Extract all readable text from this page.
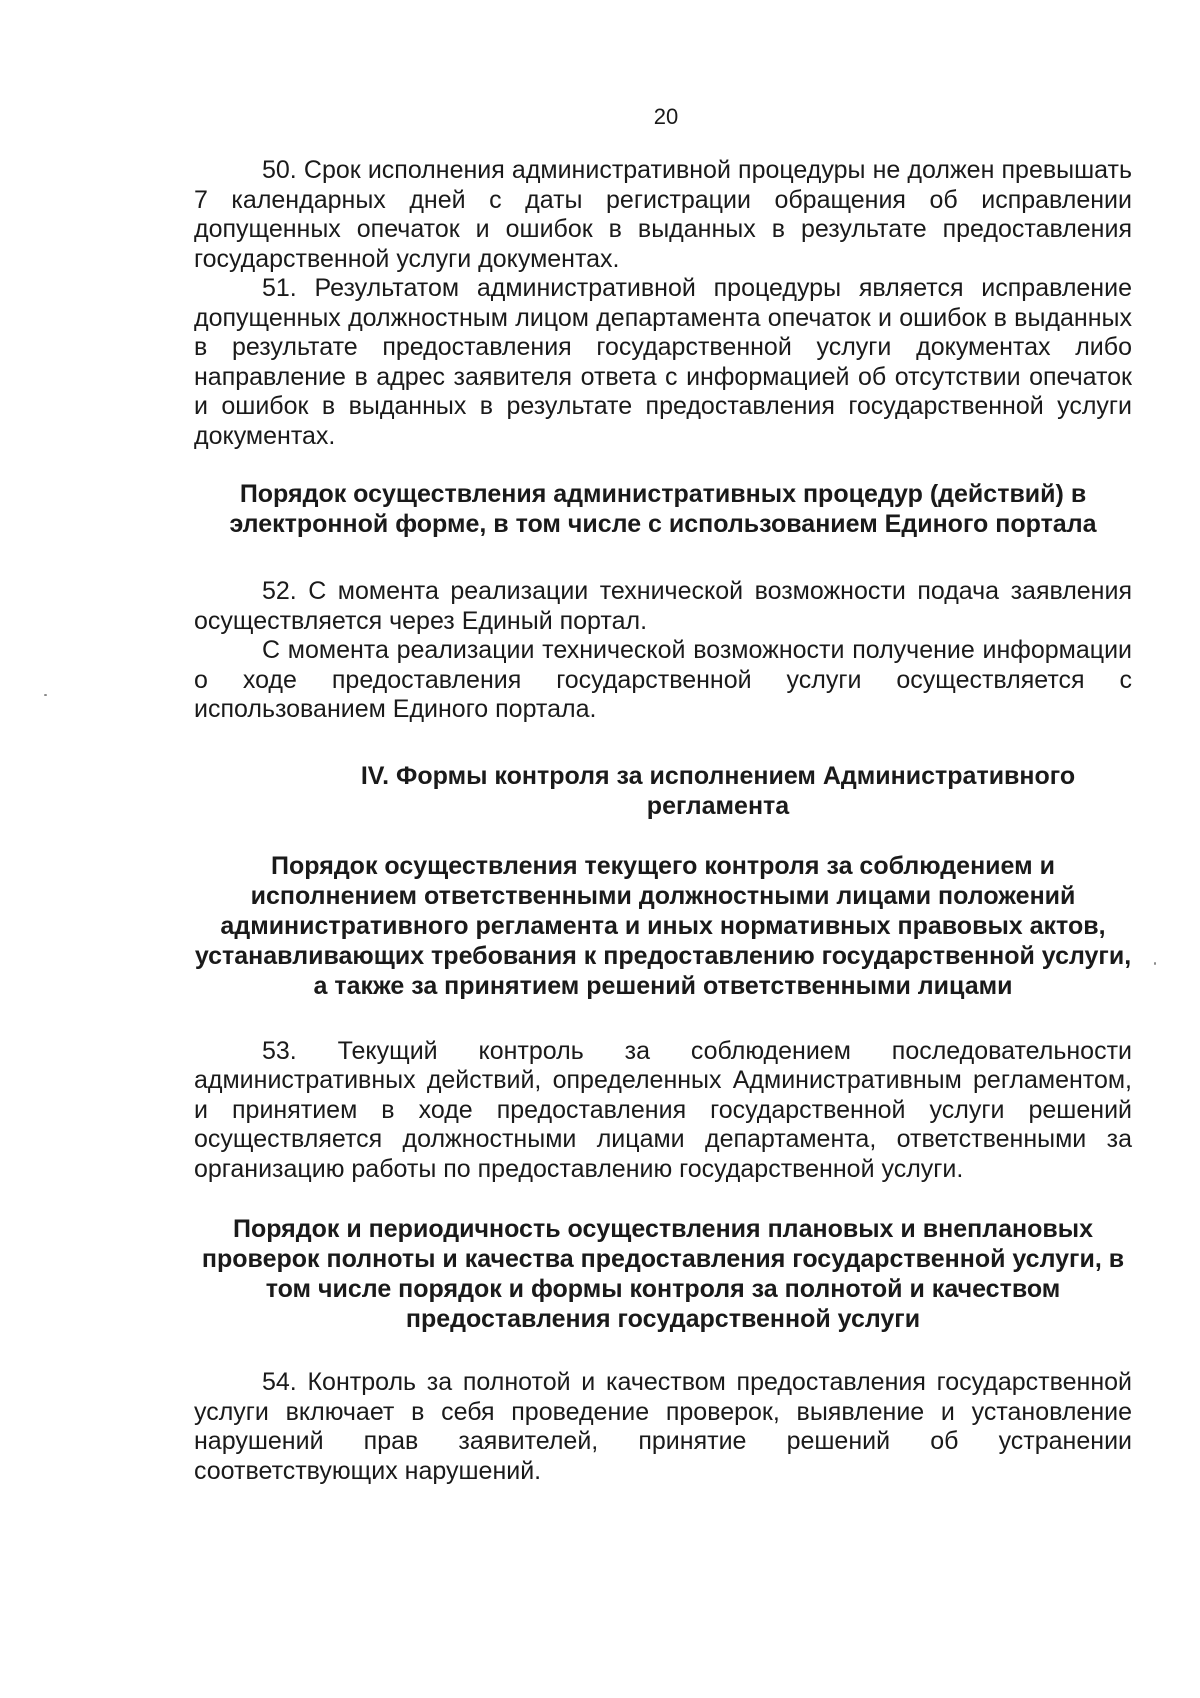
20

50. Срок исполнения административной процедуры не должен превышать 7 календарных дней с даты регистрации обращения об исправлении допущенных опечаток и ошибок в выданных в результате предоставления государственной услуги документах.

51. Результатом административной процедуры является исправление допущенных должностным лицом департамента опечаток и ошибок в выданных в результате предоставления государственной услуги документах либо направление в адрес заявителя ответа с информацией об отсутствии опечаток и ошибок в выданных в результате предоставления государственной услуги документах.

Порядок осуществления административных процедур (действий) в электронной форме, в том числе с использованием Единого портала

52. С момента реализации технической возможности подача заявления осуществляется через Единый портал.

С момента реализации технической возможности получение информации о ходе предоставления государственной услуги осуществляется с использованием Единого портала.

IV. Формы контроля за исполнением Административного регламента

Порядок осуществления текущего контроля за соблюдением и исполнением ответственными должностными лицами положений административного регламента и иных нормативных правовых актов, устанавливающих требования к предоставлению государственной услуги, а также за принятием решений ответственными лицами

53. Текущий контроль за соблюдением последовательности административных действий, определенных Административным регламентом, и принятием в ходе предоставления государственной услуги решений осуществляется должностными лицами департамента, ответственными за организацию работы по предоставлению государственной услуги.

Порядок и периодичность осуществления плановых и внеплановых проверок полноты и качества предоставления государственной услуги, в том числе порядок и формы контроля за полнотой и качеством предоставления государственной услуги

54. Контроль за полнотой и качеством предоставления государственной услуги включает в себя проведение проверок, выявление и установление нарушений прав заявителей, принятие решений об устранении соответствующих нарушений.
